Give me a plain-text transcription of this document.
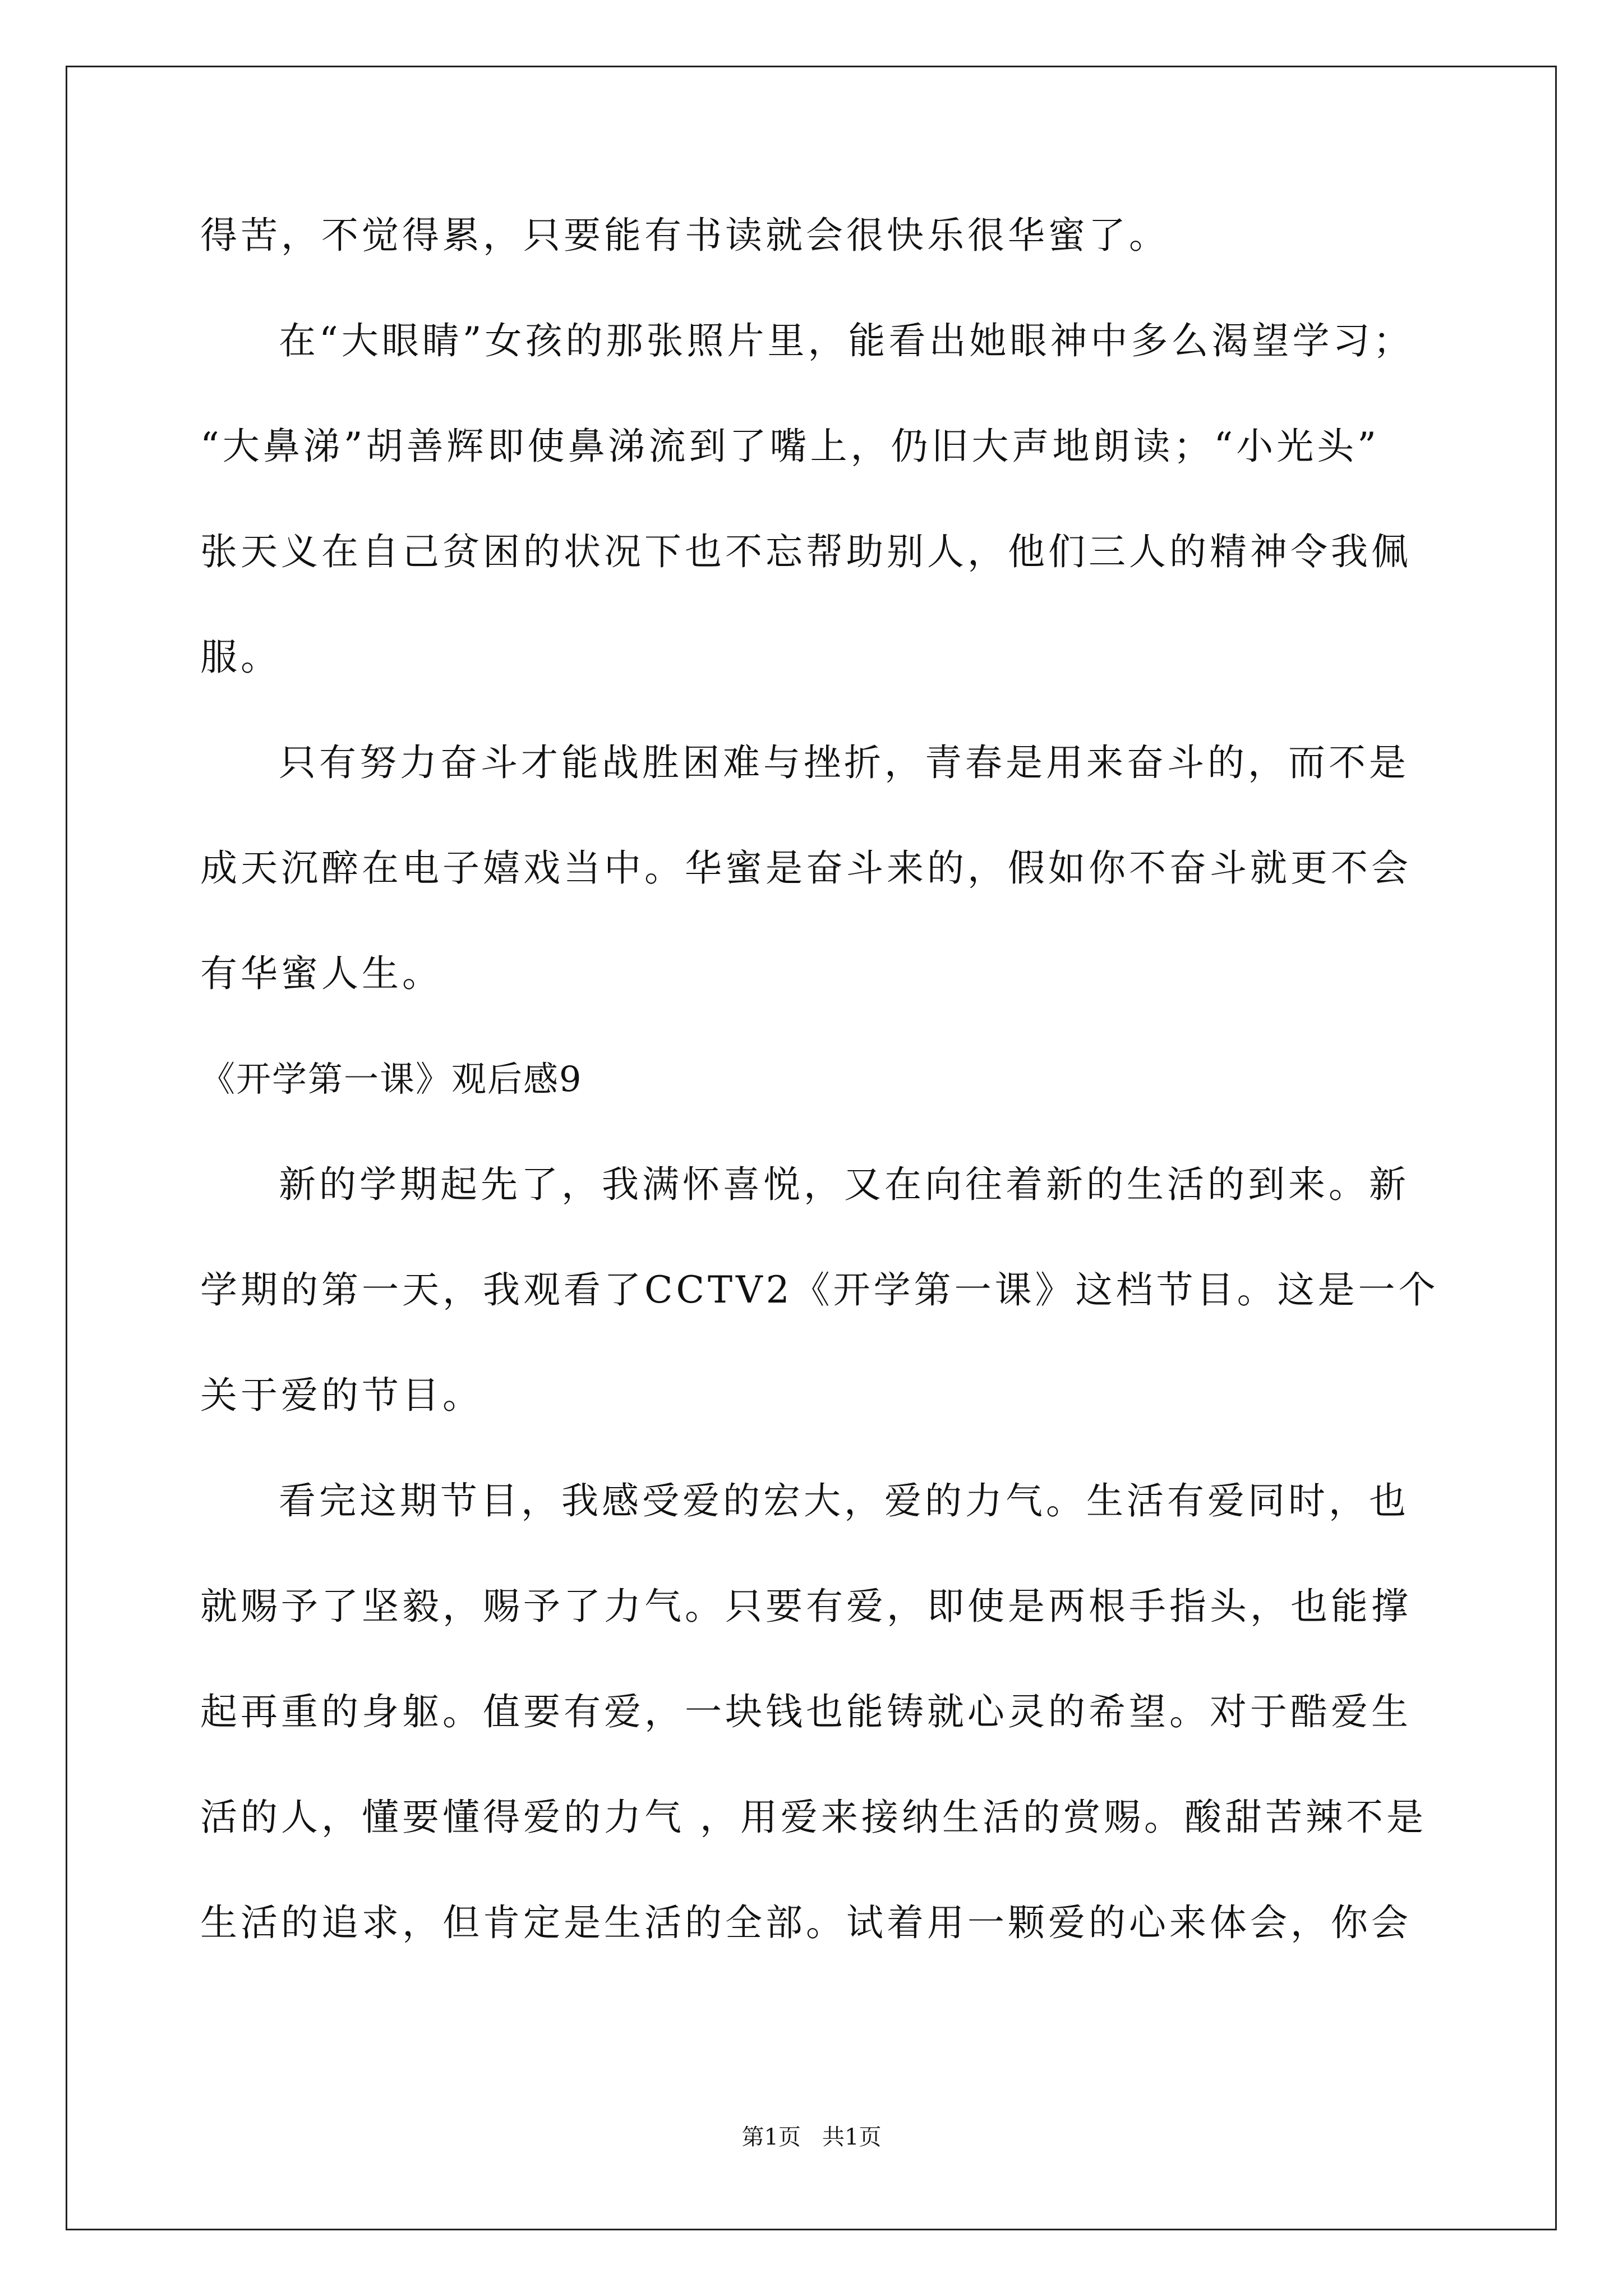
得苦，不觉得累，只要能有书读就会很快乐很华蜜了。
在“大眼睛”女孩的那张照片里，能看出她眼神中多么渴望学习；
“大鼻涕”胡善辉即使鼻涕流到了嘴上，仍旧大声地朗读；“小光头”
张天义在自己贫困的状况下也不忘帮助别人，他们三人的精神令我佩
服。
只有努力奋斗才能战胜困难与挫折，青春是用来奋斗的，而不是
成天沉醉在电子嬉戏当中。华蜜是奋斗来的，假如你不奋斗就更不会
有华蜜人生。
《开学第一课》观后感9
新的学期起先了，我满怀喜悦，又在向往着新的生活的到来。新
学期的第一天，我观看了CCTV2《开学第一课》这档节目。这是一个
关于爱的节目。
看完这期节目，我感受爱的宏大，爱的力气。生活有爱同时，也
就赐予了坚毅，赐予了力气。只要有爱，即使是两根手指头，也能撑
起再重的身躯。值要有爱，一块钱也能铸就心灵的希望。对于酷爱生
活的人，懂要懂得爱的力气 ，用爱来接纳生活的赏赐。酸甜苦辣不是
生活的追求，但肯定是生活的全部。试着用一颗爱的心来体会，你会
第1页   共1页
